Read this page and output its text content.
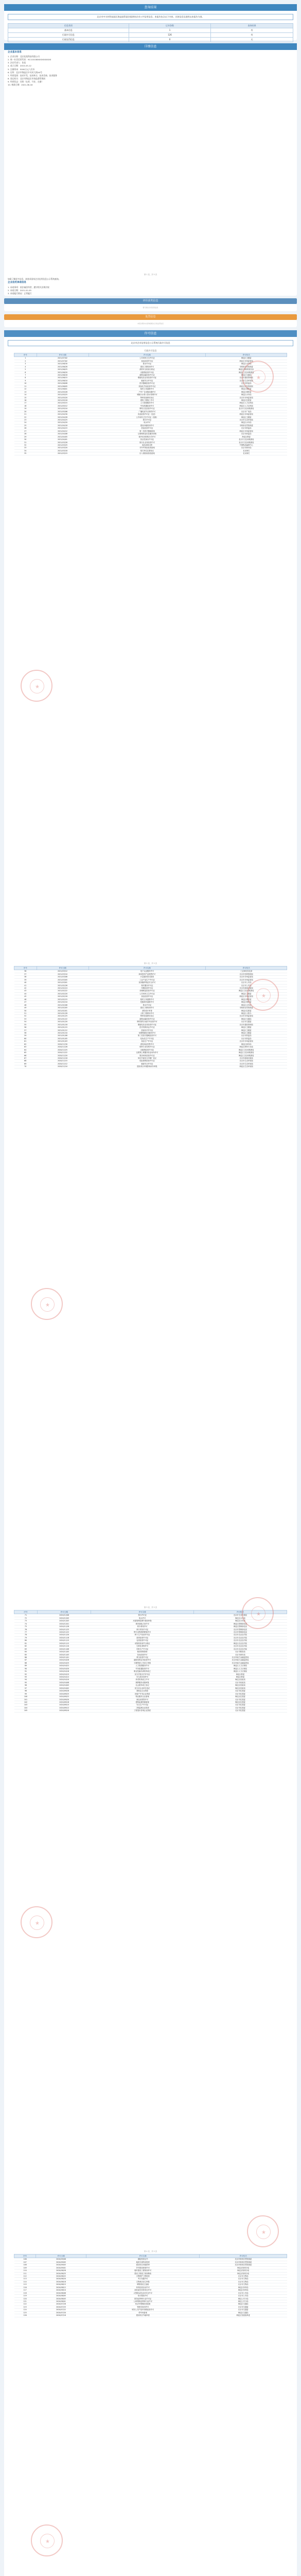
查询结果
北京市中关村科技园区海淀园管委会提供的企业公共信用信息、本报告包含以下内容，具体信息及说明以本报告为准。
信息类别	记录条数	查询结果
基本信息	1	有
行政许可信息	126	有
行政处罚信息	0	无
详细信息
企业基本信息
1. 企业名称：北京某某科技有限公司
2. 统一社会信用代码：91110108XXXXXXXXXX
3. 法定代表人：张某
4. 成立日期：2015-03-12
5. 注册资本：5000万元人民币
6. 住所：北京市海淀区中关村大街XX号
7. 经营范围：技术开发、技术转让、技术咨询、技术服务
8. 登记机关：北京市海淀区市场监督管理局
9. 经营状态：存续（在营、开业、在册）
10. 核准日期：2021-06-18
第 1 页，共 5 页
如需了解更多信息，请登录国家企业信用信息公示系统查询。
企业信用承诺信息
1. 承诺事项：依法诚信经营，遵守相关法律法规
2. 承诺日期：2021-01-05
3. 承诺履行情况：正常履行
评价获奖信息
暂无相关评价获奖信息
处罚信息
本报告期内未查询到相关行政处罚信息
许可信息
北京市企业信用信息公示系统行政许可信息
行政许可信息
序号	许可日期	许可名称	许可机关
1	2021/07/02	公共场所卫生许可证	海淀区卫健委
2	2021/07/02	食品经营许可证	海淀区市场监管局
3	2021/06/30	排水许可证	海淀区水务局
4	2021/06/28	建设工程规划许可	市规划自然资源委
5	2021/06/25	消防安全检查合格证	海淀区消防救援支队
6	2021/06/20	出版物经营许可证	海淀区文化和旅游局
7	2021/06/18	道路运输经营许可证	海淀区交通局
8	2021/06/15	增值电信业务经营许可证	北京市通信管理局
9	2021/06/10	辐射安全许可证	北京市生态环境局
10	2021/06/08	医疗器械经营许可证	北京市药监局
11	2021/06/05	危险化学品经营许可证	海淀区应急管理局
12	2021/06/01	临时占用道路许可	海淀区城管委
13	2021/05/28	户外广告设施设置许可	海淀区城管委
14	2021/05/25	城镇污水排入排水管网许可	海淀区水务局
15	2021/05/20	特种设备使用登记	北京市市场监管局
16	2021/05/18	建筑工程施工许可	海淀区住建委
17	2021/05/15	人力资源服务许可	海淀区人力社保局
18	2021/05/12	劳务派遣经营许可	海淀区人力社保局
19	2021/05/10	网络文化经营许可证	北京市文化和旅游局
20	2021/05/06	广播电视节目制作许可	北京市广电局
21	2021/04/30	食品经营许可证（变更）	海淀区市场监管局
22	2021/04/28	公共场所卫生许可证（延续）	海淀区卫健委
23	2021/04/25	排污许可证	北京市生态环境局
24	2021/04/20	取水许可	海淀区水务局
25	2021/04/18	建设用地规划许可	市规划自然资源委
26	2021/04/15	药品经营许可证	北京市药监局
27	2021/04/12	第二类医疗器械备案	海淀区市场监管局
28	2021/04/08	互联网药品信息服务资格	北京市药监局
29	2021/04/05	校外培训机构办学许可	海淀区教委
30	2021/04/01	营业性演出许可证	北京市文化和旅游局
31	2021/03/28	旅行社业务经营许可	北京市文化和旅游局
32	2021/03/25	商品条码注册	中国物品编码中心
33	2021/03/20	对外贸易经营者备案	北京市商务局
34	2021/03/18	报关单位注册登记	北京海关
35	2021/03/15	出入境检验检疫备案	北京海关
第 2 页，共 5 页
序号	许可日期	许可名称	许可机关
36	2021/03/12	电子认证服务许可	工业和信息化部
37	2021/03/10	商用密码产品销售许可	北京市密码管理局
38	2021/03/08	计量器具型式批准	北京市市场监管局
39	2021/03/05	工业产品生产许可证	北京市市场监管局
40	2021/03/01	民用爆炸物品安全许可	北京市公安局
41	2021/02/26	保安服务许可证	北京市公安局
42	2021/02/24	印刷经营许可证	北京市新闻出版局
43	2021/02/22	音像制品经营许可证	海淀区文化和旅游局
44	2021/02/20	公共场所卫生许可证	海淀区卫健委
45	2021/02/18	食品经营许可证	海淀区市场监管局
46	2021/02/15	临时占用道路许可	海淀区城管委
47	2021/02/10	挖掘城市道路许可	海淀区城管委
48	2021/02/08	排水许可证	海淀区水务局
49	2021/02/05	建设工程规划许可	市规划自然资源委
50	2021/02/01	消防设计审查	海淀区住建委
51	2021/01/28	人防工程使用许可	海淀区人防办
52	2021/01/25	特种设备使用登记	北京市市场监管局
53	2021/01/22	道路运输经营许可证	海淀区交通局
54	2021/01/20	网络预约出租汽车经营许可	北京市交通委
55	2021/01/18	增值电信业务经营许可证	北京市通信管理局
56	2021/01/15	医疗机构执业许可证	海淀区卫健委
57	2021/01/12	放射诊疗许可证	海淀区卫健委
58	2021/01/10	母婴保健技术服务许可	海淀区卫健委
59	2021/01/08	第三类医疗器械经营许可	北京市药监局
60	2021/01/05	化妆品生产许可证	北京市药监局
61	2021/01/03	食品生产许可证	北京市市场监管局
62	2020/12/30	酒类商品零售许可	海淀区商务局
63	2020/12/28	烟草专卖零售许可证	海淀区烟草专卖局
64	2020/12/25	出版物经营许可证	海淀区文化和旅游局
65	2020/12/22	互联网上网服务营业场所许可	海淀区文化和旅游局
66	2020/12/20	娱乐场所经营许可证	海淀区文化和旅游局
67	2020/12/18	单位内部设立印刷厂登记	北京市新闻出版局
68	2020/12/15	危险废物经营许可证	北京市生态环境局
69	2020/12/12	辐射安全许可证	北京市生态环境局
70	2020/12/10	建设项目环境影响评价审批	海淀区生态环境局
第 3 页，共 5 页
序号	许可日期	许可名称	许可机关
71	2020/12/08	排污许可证	北京市生态环境局
72	2020/12/05	取水许可	海淀区水务局
73	2020/12/03	河道管理范围内建设审批	海淀区水务局
74	2020/12/01	城市绿地占用许可	海淀区园林绿化局
75	2020/11/28	树木移伐许可	海淀区园林绿化局
76	2020/11/25	林木采伐许可证	北京市园林绿化局
77	2020/11/22	野生动物驯养繁殖许可	北京市园林绿化局
78	2020/11/20	种子生产经营许可证	北京市农业农村局
79	2020/11/18	兽药经营许可证	北京市农业农村局
80	2020/11/15	农药经营许可证	北京市农业农村局
81	2020/11/12	动物防疫条件合格证	海淀区农业农村局
82	2020/11/10	生鲜乳收购许可	北京市农业农村局
83	2020/11/08	饲料生产许可证	北京市农业农村局
84	2020/11/05	粮食收购资格	北京市粮食局
85	2020/11/03	拍卖经营许可	北京市商务局
86	2020/11/01	典当经营许可证	北京市地方金融监管局
87	2020/10/28	融资担保业务经营许可	北京市地方金融监管局
88	2020/10/25	小额贷款公司设立审批	北京市地方金融监管局
89	2020/10/22	人力资源服务许可	海淀区人力社保局
90	2020/10/20	劳务派遣经营许可	海淀区人力社保局
91	2020/10/18	职业技能培训机构设立	海淀区人力社保局
92	2020/10/15	民办学校办学许可证	海淀区教委
93	2020/10/12	幼儿园办园许可	海淀区教委
94	2020/10/10	养老机构设立许可	海淀区民政局
95	2020/10/08	殡葬服务设施审批	北京市民政局
96	2020/10/05	社会团体成立登记	海淀区民政局
97	2020/10/02	民办非企业单位登记	海淀区民政局
98	2020/09/28	建筑业企业资质	北京市住建委
99	2020/09/25	房地产开发企业资质	北京市住建委
100	2020/09/22	物业服务企业备案	海淀区住建委
101	2020/09/20	商品房预售许可	北京市住建委
102	2020/09/18	建筑起重机械备案	海淀区住建委
103	2020/09/15	安全生产许可证	北京市住建委
104	2020/09/12	工程监理企业资质	北京市住建委
105	2020/09/10	工程造价咨询企业资质	北京市住建委
第 4 页，共 5 页
序号	许可日期	许可名称	许可机关
106	2020/09/08	测绘资质证书	北京市规划自然资源委
107	2020/09/05	地质灾害防治资质	北京市规划自然资源委
108	2020/09/03	建设项目用地预审	北京市规划自然资源委
109	2020/09/01	乡村建设规划许可	海淀区规划分局
110	2020/08/28	临时建设工程规划许可	海淀区规划分局
111	2020/08/25	建设工程竣工规划核验	海淀区规划分局
112	2020/08/22	文物保护工程资质	北京市文物局
113	2020/08/20	考古发掘许可	北京市文物局
114	2020/08/18	文物商店设立审批	北京市文物局
115	2020/08/15	博物馆设立备案	北京市文物局
116	2020/08/12	体育经营活动许可	海淀区体育局
117	2020/08/10	高危险性体育项目许可	海淀区体育局
118	2020/08/08	大型群众性活动安全许可	北京市公安局
119	2020/08/05	焰火燃放许可	北京市公安局
120	2020/08/03	旅馆业特种行业许可证	海淀公安分局
121	2020/08/01	公章刻制业特种行业许可	海淀公安分局
122	2020/07/28	机动车维修经营备案	海淀区交通局
123	2020/07/25	驾驶员培训许可	北京市交通委
124	2020/07/22	城市公共汽电车线路经营许可	北京市交通委
125	2020/07/20	停车场备案	海淀区交通局
126	2020/07/18	建设项目节能审查	海淀区发展改革委

★
★
★
★
★
★
★
★
